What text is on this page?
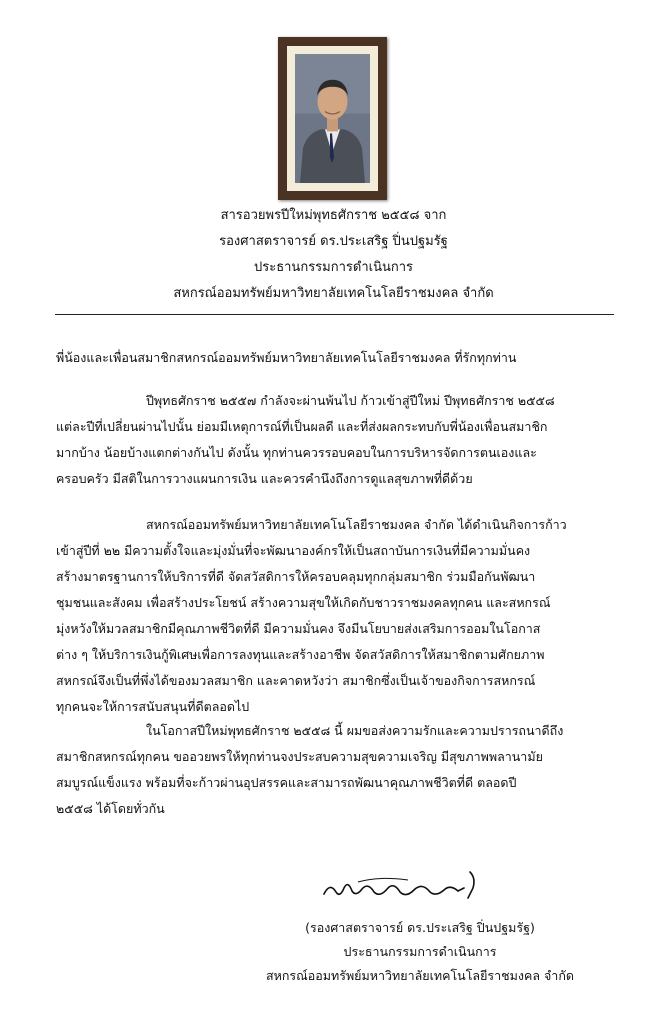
สารอวยพรปีใหม่พุทธศักราช ๒๕๕๘ จาก
รองศาสตราจารย์ ดร.ประเสริฐ ปิ่นปฐมรัฐ
ประธานกรรมการดำเนินการ
สหกรณ์ออมทรัพย์มหาวิทยาลัยเทคโนโลยีราชมงคล จำกัด
พี่น้องและเพื่อนสมาชิกสหกรณ์ออมทรัพย์มหาวิทยาลัยเทคโนโลยีราชมงคล ที่รักทุกท่าน
ปีพุทธศักราช ๒๕๕๗ กำลังจะผ่านพ้นไป ก้าวเข้าสู่ปีใหม่ ปีพุทธศักราช ๒๕๕๘
แต่ละปีที่เปลี่ยนผ่านไปนั้น ย่อมมีเหตุการณ์ที่เป็นผลดี และที่ส่งผลกระทบกับพี่น้องเพื่อนสมาชิก
มากบ้าง น้อยบ้างแตกต่างกันไป ดังนั้น ทุกท่านควรรอบคอบในการบริหารจัดการตนเองและ
ครอบครัว มีสติในการวางแผนการเงิน และควรคำนึงถึงการดูแลสุขภาพที่ดีด้วย
สหกรณ์ออมทรัพย์มหาวิทยาลัยเทคโนโลยีราชมงคล จำกัด ได้ดำเนินกิจการก้าว
เข้าสู่ปีที่ ๒๒ มีความตั้งใจและมุ่งมั่นที่จะพัฒนาองค์กรให้เป็นสถาบันการเงินที่มีความมั่นคง
สร้างมาตรฐานการให้บริการที่ดี จัดสวัสดิการให้ครอบคลุมทุกกลุ่มสมาชิก ร่วมมือกันพัฒนา
ชุมชนและสังคม เพื่อสร้างประโยชน์ สร้างความสุขให้เกิดกับชาวราชมงคลทุกคน และสหกรณ์
มุ่งหวังให้มวลสมาชิกมีคุณภาพชีวิตที่ดี มีความมั่นคง จึงมีนโยบายส่งเสริมการออมในโอกาส
ต่าง ๆ ให้บริการเงินกู้พิเศษเพื่อการลงทุนและสร้างอาชีพ จัดสวัสดิการให้สมาชิกตามศักยภาพ
สหกรณ์จึงเป็นที่พึ่งได้ของมวลสมาชิก และคาดหวังว่า สมาชิกซึ่งเป็นเจ้าของกิจการสหกรณ์
ทุกคนจะให้การสนับสนุนที่ดีตลอดไป
ในโอกาสปีใหม่พุทธศักราช ๒๕๕๘ นี้ ผมขอส่งความรักและความปรารถนาดีถึง
สมาชิกสหกรณ์ทุกคน ขออวยพรให้ทุกท่านจงประสบความสุขความเจริญ มีสุขภาพพลานามัย
สมบูรณ์แข็งแรง พร้อมที่จะก้าวผ่านอุปสรรคและสามารถพัฒนาคุณภาพชีวิตที่ดี ตลอดปี
๒๕๕๘ ได้โดยทั่วกัน
(รองศาสตราจารย์ ดร.ประเสริฐ ปิ่นปฐมรัฐ)
ประธานกรรมการดำเนินการ
สหกรณ์ออมทรัพย์มหาวิทยาลัยเทคโนโลยีราชมงคล จำกัด
